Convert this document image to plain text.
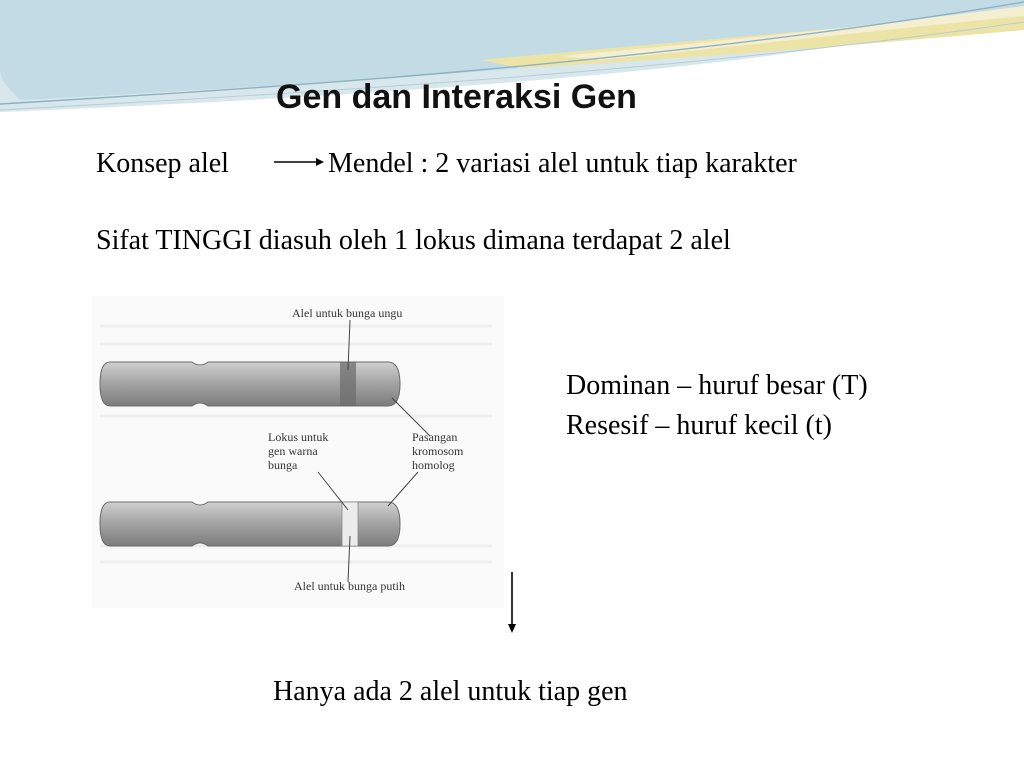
Gen dan Interaksi Gen
Konsep alel	Mendel : 2 variasi alel untuk tiap karakter
Sifat TINGGI diasuh oleh 1 lokus dimana terdapat 2 alel
Alel untuk bunga ungu
Lokus untuk gen warna bunga
Pasangan kromosom homolog
Alel untuk bunga putih
Dominan – huruf besar (T)
Resesif – huruf kecil (t)
Hanya ada 2 alel untuk tiap gen
